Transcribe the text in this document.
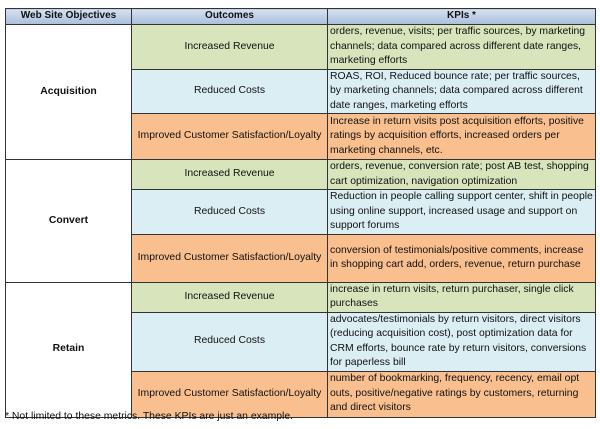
Web Site Objectives	Outcomes	KPIs *
Acquisition	Increased Revenue	orders, revenue, visits; per traffic sources, by marketing channels; data compared across different date ranges, marketing efforts
	Reduced Costs	ROAS, ROI, Reduced bounce rate; per traffic sources, by marketing channels; data compared across different date ranges, marketing efforts
	Improved Customer Satisfaction/Loyalty	Increase in return visits post acquisition efforts, positive ratings by acquisition efforts, increased orders per marketing channels, etc.
Convert	Increased Revenue	orders, revenue, conversion rate; post AB test, shopping cart optimization, navigation optimization
	Reduced Costs	Reduction in people calling support center, shift in people using online support, increased usage and support on support forums
	Improved Customer Satisfaction/Loyalty	conversion of testimonials/positive comments, increase in shopping cart add, orders, revenue, return purchase
Retain	Increased Revenue	increase in return visits, return purchaser, single click purchases
	Reduced Costs	advocates/testimonials by return visitors, direct visitors (reducing acquisition cost), post optimization data for CRM efforts, bounce rate by return visitors, conversions for paperless bill
	Improved Customer Satisfaction/Loyalty	number of bookmarking, frequency, recency, email opt outs, positive/negative ratings by customers, returning and direct visitors
* Not limited to these metrics. These KPIs are just an example.
